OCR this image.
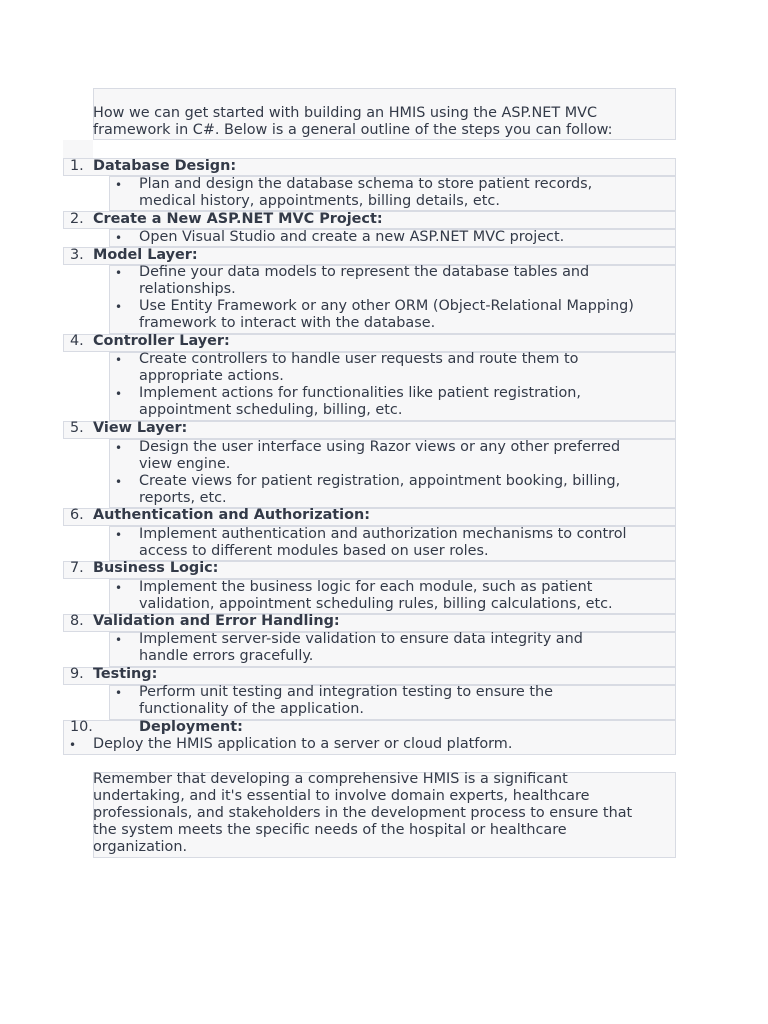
How we can get started with building an HMIS using the ASP.NET MVC
framework in C#. Below is a general outline of the steps you can follow:
1. Database Design:
• Plan and design the database schema to store patient records,
medical history, appointments, billing details, etc.
2. Create a New ASP.NET MVC Project:
• Open Visual Studio and create a new ASP.NET MVC project.
3. Model Layer:
• Define your data models to represent the database tables and
relationships.
• Use Entity Framework or any other ORM (Object-Relational Mapping)
framework to interact with the database.
4. Controller Layer:
• Create controllers to handle user requests and route them to
appropriate actions.
• Implement actions for functionalities like patient registration,
appointment scheduling, billing, etc.
5. View Layer:
• Design the user interface using Razor views or any other preferred
view engine.
• Create views for patient registration, appointment booking, billing,
reports, etc.
6. Authentication and Authorization:
• Implement authentication and authorization mechanisms to control
access to different modules based on user roles.
7. Business Logic:
• Implement the business logic for each module, such as patient
validation, appointment scheduling rules, billing calculations, etc.
8. Validation and Error Handling:
• Implement server-side validation to ensure data integrity and
handle errors gracefully.
9. Testing:
• Perform unit testing and integration testing to ensure the
functionality of the application.
10.	Deployment:
• Deploy the HMIS application to a server or cloud platform.
Remember that developing a comprehensive HMIS is a significant
undertaking, and it's essential to involve domain experts, healthcare
professionals, and stakeholders in the development process to ensure that
the system meets the specific needs of the hospital or healthcare
organization.
